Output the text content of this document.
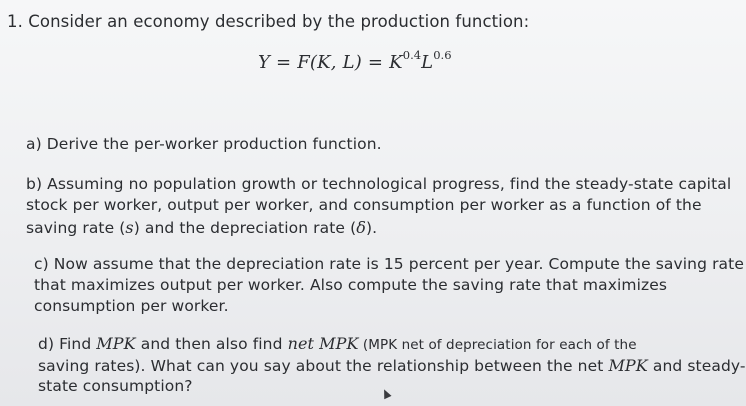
1. Consider an economy described by the production function:
Y = F(K, $L) = K^{0.4}L^{0.6}$
a) Derive the per-worker production function.
b) Assuming no population growth or technological progress, find the steady-state capital
stock per worker, output per worker, and consumption per worker as a function of the
saving rate (s) and the depreciation rate (δ).
c) Now assume that the depreciation rate is 15 percent per year. Compute the saving rate
that maximizes output per worker. Also compute the saving rate that maximizes
consumption per worker.
d) Find MPK and then also find net MPK (MPK net of depreciation for each of the
saving rates). What can you say about the relationship between the net MPK and steady-
state consumption?
